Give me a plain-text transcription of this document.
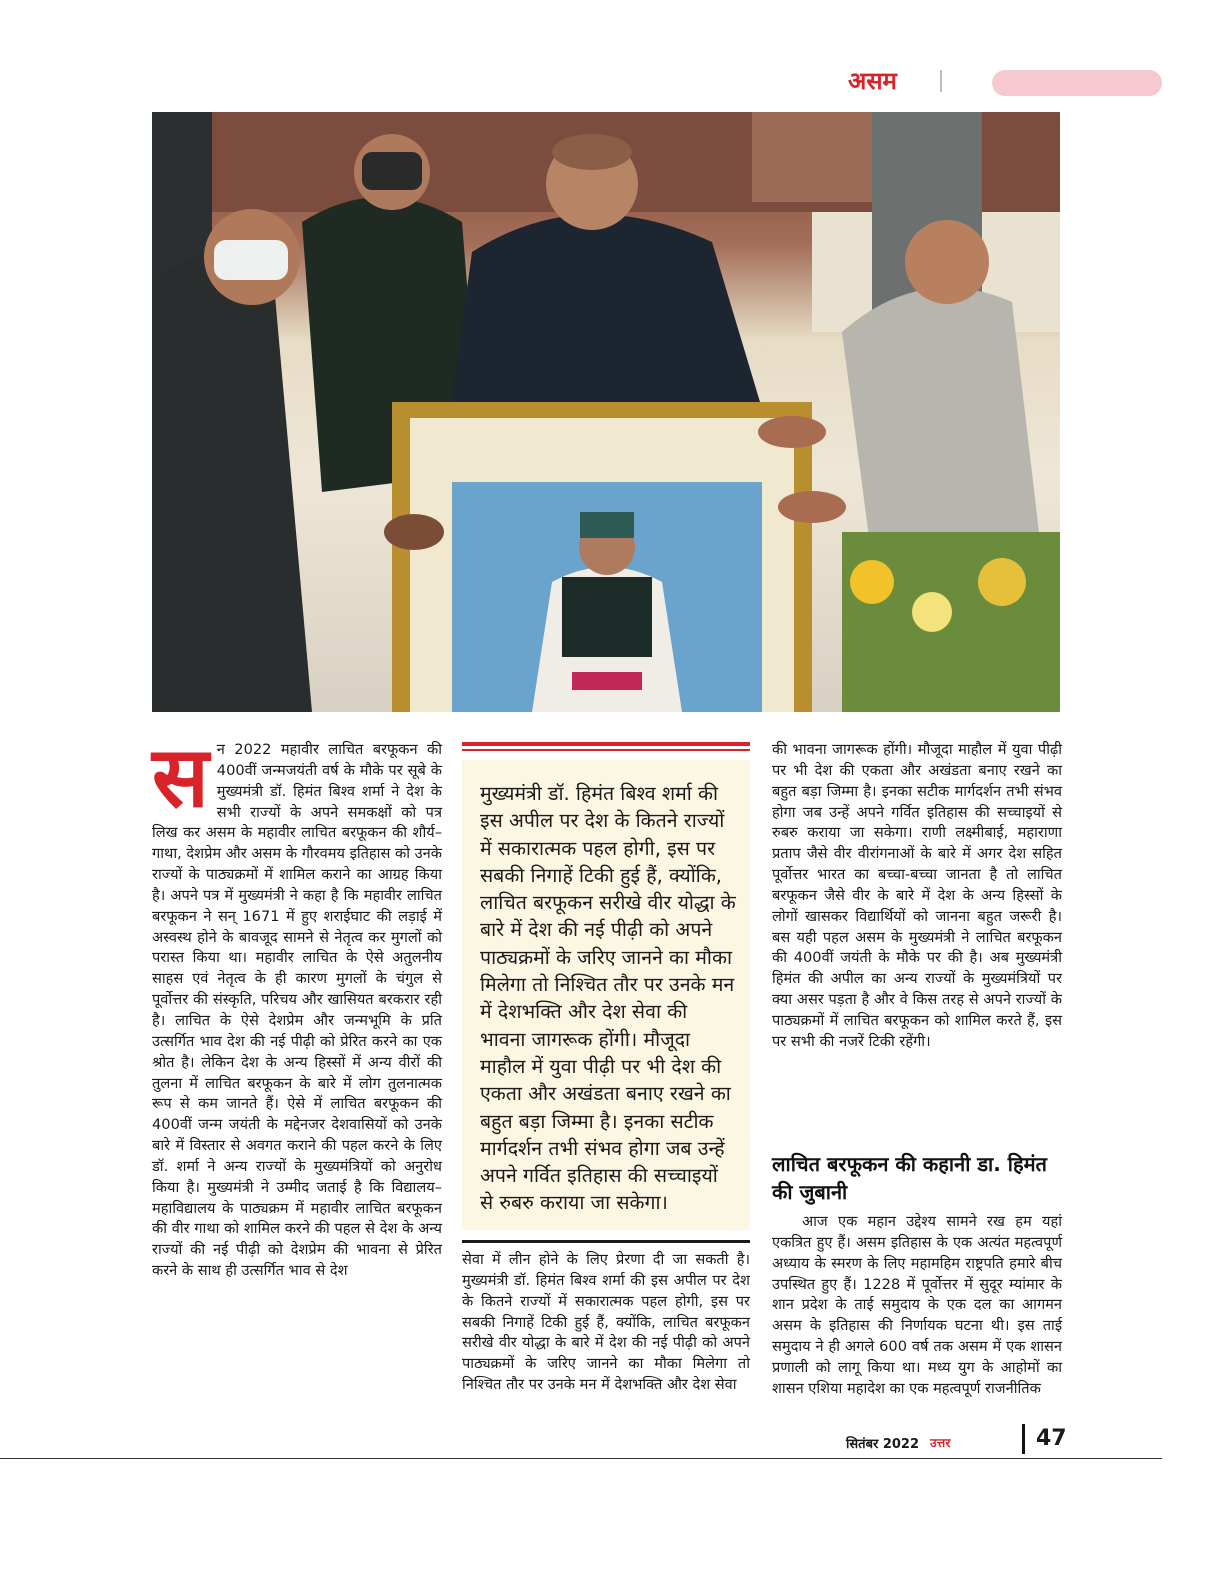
असम
सन 2022 महावीर लाचित बरफूकन की 400वीं जन्मजयंती वर्ष के मौके पर सूबे के मुख्यमंत्री डॉ. हिमंत बिश्व शर्मा ने देश के सभी राज्यों के अपने समकक्षों को पत्र लिख कर असम के महावीर लाचित बरफूकन की शौर्य–गाथा, देशप्रेम और असम के गौरवमय इतिहास को उनके राज्यों के पाठ्यक्रमों में शामिल कराने का आग्रह किया है। अपने पत्र में मुख्यमंत्री ने कहा है कि महावीर लाचित बरफूकन ने सन् 1671 में हुए शराईघाट की लड़ाई में अस्वस्थ होने के बावजूद सामने से नेतृत्व कर मुगलों को परास्त किया था। महावीर लाचित के ऐसे अतुलनीय साहस एवं नेतृत्व के ही कारण मुगलों के चंगुल से पूर्वोत्तर की संस्कृति, परिचय और खासियत बरकरार रही है। लाचित के ऐसे देशप्रेम और जन्मभूमि के प्रति उत्सर्गित भाव देश की नई पीढ़ी को प्रेरित करने का एक श्रोत है। लेकिन देश के अन्य हिस्सों में अन्य वीरों की तुलना में लाचित बरफूकन के बारे में लोग तुलनात्मक रूप से कम जानते हैं। ऐसे में लाचित बरफूकन की 400वीं जन्म जयंती के मद्देनजर देशवासियों को उनके बारे में विस्तार से अवगत कराने की पहल करने के लिए डॉ. शर्मा ने अन्य राज्यों के मुख्यमंत्रियों को अनुरोध किया है। मुख्यमंत्री ने उम्मीद जताई है कि विद्यालय–महाविद्यालय के पाठ्यक्रम में महावीर लाचित बरफूकन की वीर गाथा को शामिल करने की पहल से देश के अन्य राज्यों की नई पीढ़ी को देशप्रेम की भावना से प्रेरित करने के साथ ही उत्सर्गित भाव से देश

मुख्यमंत्री डॉ. हिमंत बिश्व शर्मा की इस अपील पर देश के कितने राज्यों में सकारात्मक पहल होगी, इस पर सबकी निगाहें टिकी हुई हैं, क्योंकि, लाचित बरफूकन सरीखे वीर योद्धा के बारे में देश की नई पीढ़ी को अपने पाठ्यक्रमों के जरिए जानने का मौका मिलेगा तो निश्चित तौर पर उनके मन में देशभक्ति और देश सेवा की भावना जागरूक होंगी। मौजूदा माहौल में युवा पीढ़ी पर भी देश की एकता और अखंडता बनाए रखने का बहुत बड़ा जिम्मा है। इनका सटीक मार्गदर्शन तभी संभव होगा जब उन्हें अपने गर्वित इतिहास की सच्चाइयों से रुबरु कराया जा सकेगा।

सेवा में लीन होने के लिए प्रेरणा दी जा सकती है। मुख्यमंत्री डॉ. हिमंत बिश्व शर्मा की इस अपील पर देश के कितने राज्यों में सकारात्मक पहल होगी, इस पर सबकी निगाहें टिकी हुई हैं, क्योंकि, लाचित बरफूकन सरीखे वीर योद्धा के बारे में देश की नई पीढ़ी को अपने पाठ्यक्रमों के जरिए जानने का मौका मिलेगा तो निश्चित तौर पर उनके मन में देशभक्ति और देश सेवा

की भावना जागरूक होंगी। मौजूदा माहौल में युवा पीढ़ी पर भी देश की एकता और अखंडता बनाए रखने का बहुत बड़ा जिम्मा है। इनका सटीक मार्गदर्शन तभी संभव होगा जब उन्हें अपने गर्वित इतिहास की सच्चाइयों से रुबरु कराया जा सकेगा। राणी लक्ष्मीबाई, महाराणा प्रताप जैसे वीर वीरांगनाओं के बारे में अगर देश सहित पूर्वोत्तर भारत का बच्चा-बच्चा जानता है तो लाचित बरफूकन जैसे वीर के बारे में देश के अन्य हिस्सों के लोगों खासकर विद्यार्थियों को जानना बहुत जरूरी है। बस यही पहल असम के मुख्यमंत्री ने लाचित बरफूकन की 400वीं जयंती के मौके पर की है। अब मुख्यमंत्री हिमंत की अपील का अन्य राज्यों के मुख्यमंत्रियों पर क्या असर पड़ता है और वे किस तरह से अपने राज्यों के पाठ्यक्रमों में लाचित बरफूकन को शामिल करते हैं, इस पर सभी की नजरें टिकी रहेंगी।

लाचित बरफूकन की कहानी डा. हिमंत की जुबानी

आज एक महान उद्देश्य सामने रख हम यहां एकत्रित हुए हैं। असम इतिहास के एक अत्यंत महत्वपूर्ण अध्याय के स्मरण के लिए महामहिम राष्ट्रपति हमारे बीच उपस्थित हुए हैं। 1228 में पूर्वोत्तर में सुदूर म्यांमार के शान प्रदेश के ताई समुदाय के एक दल का आगमन असम के इतिहास की निर्णायक घटना थी। इस ताई समुदाय ने ही अगले 600 वर्ष तक असम में एक शासन प्रणाली को लागू किया था। मध्य युग के आहोमों का शासन एशिया महादेश का एक महत्वपूर्ण राजनीतिक

सितंबर 2022 उत्तर	47
